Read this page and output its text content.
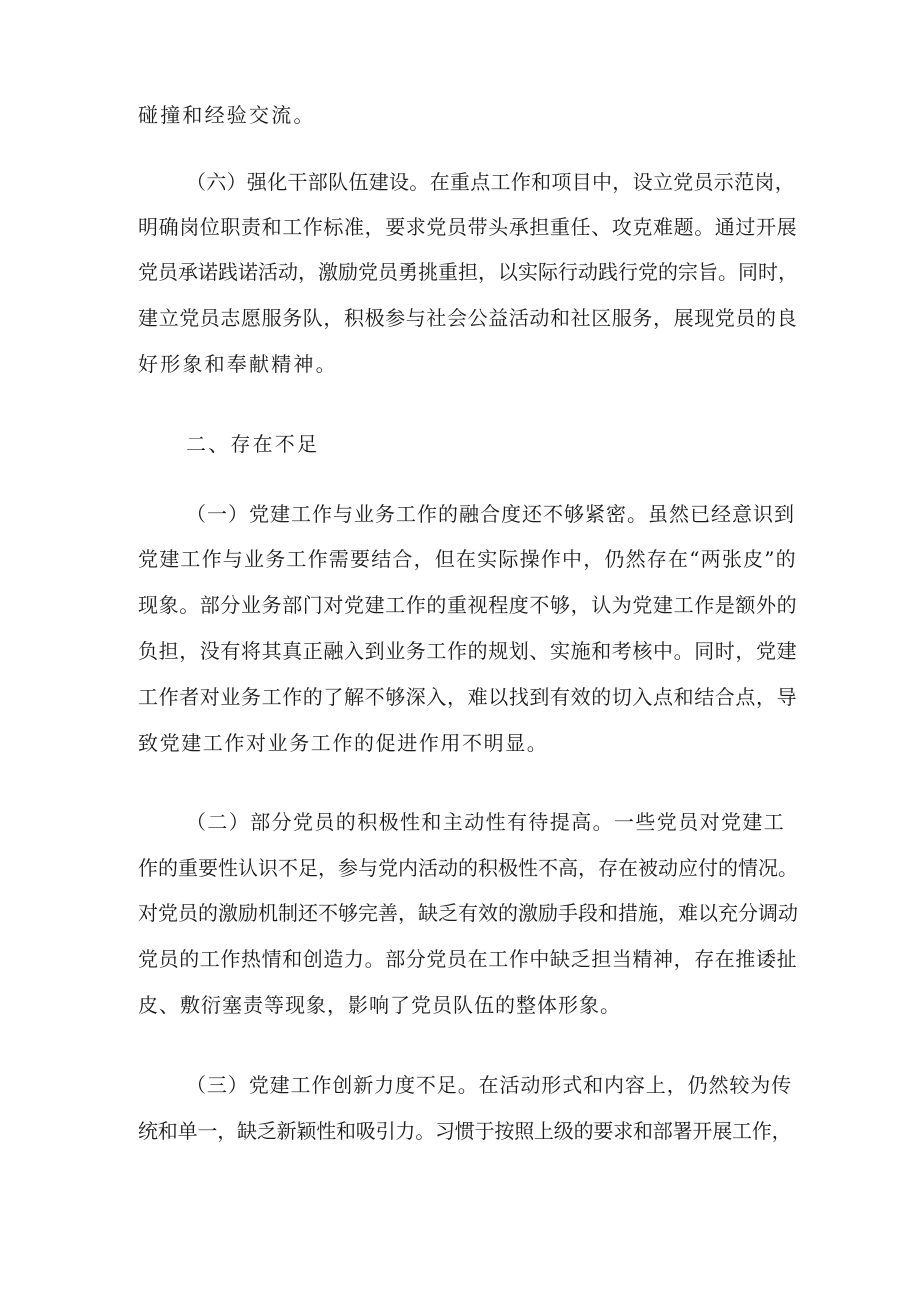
碰撞和经验交流。
（六）强化干部队伍建设。在重点工作和项目中，设立党员示范岗，
明确岗位职责和工作标准，要求党员带头承担重任、攻克难题。通过开展
党员承诺践诺活动，激励党员勇挑重担，以实际行动践行党的宗旨。同时，
建立党员志愿服务队，积极参与社会公益活动和社区服务，展现党员的良
好形象和奉献精神。
二、存在不足
（一）党建工作与业务工作的融合度还不够紧密。虽然已经意识到
党建工作与业务工作需要结合，但在实际操作中，仍然存在“两张皮”的
现象。部分业务部门对党建工作的重视程度不够，认为党建工作是额外的
负担，没有将其真正融入到业务工作的规划、实施和考核中。同时，党建
工作者对业务工作的了解不够深入，难以找到有效的切入点和结合点，导
致党建工作对业务工作的促进作用不明显。
（二）部分党员的积极性和主动性有待提高。一些党员对党建工
作的重要性认识不足，参与党内活动的积极性不高，存在被动应付的情况。
对党员的激励机制还不够完善，缺乏有效的激励手段和措施，难以充分调动
党员的工作热情和创造力。部分党员在工作中缺乏担当精神，存在推诿扯
皮、敷衍塞责等现象，影响了党员队伍的整体形象。
（三）党建工作创新力度不足。在活动形式和内容上，仍然较为传
统和单一，缺乏新颖性和吸引力。习惯于按照上级的要求和部署开展工作，
